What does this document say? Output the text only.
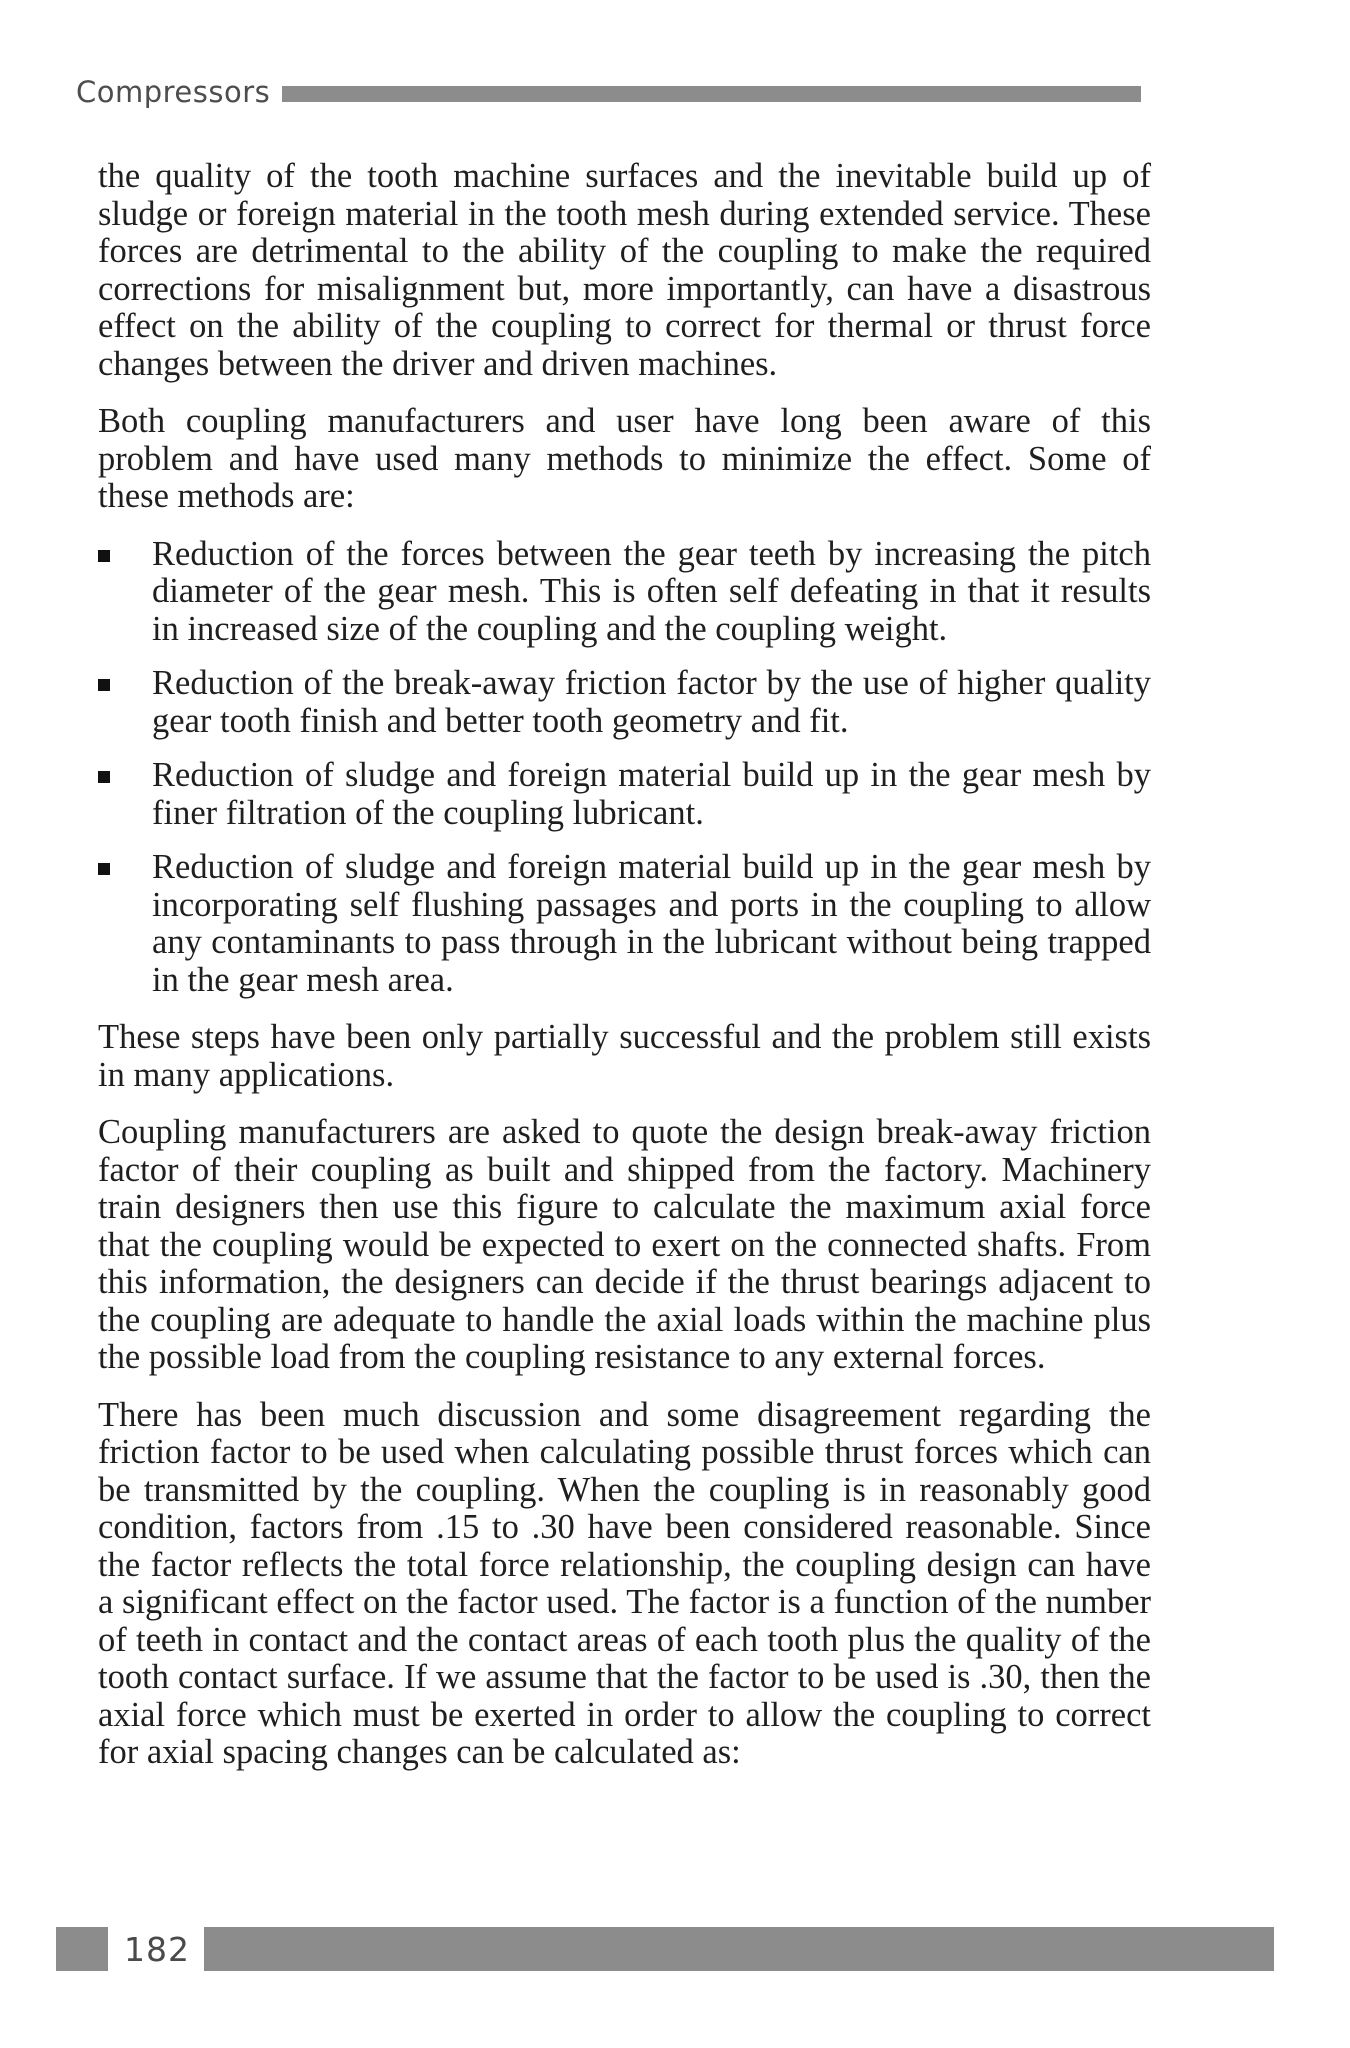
Compressors

the quality of the tooth machine surfaces and the inevitable build up of sludge or foreign material in the tooth mesh during extended service. These forces are detrimental to the ability of the coupling to make the required corrections for misalignment but, more importantly, can have a disastrous effect on the ability of the coupling to correct for thermal or thrust force changes between the driver and driven machines.

Both coupling manufacturers and user have long been aware of this problem and have used many methods to minimize the effect. Some of these methods are:

Reduction of the forces between the gear teeth by increasing the pitch diameter of the gear mesh. This is often self defeating in that it results in increased size of the coupling and the coupling weight.
Reduction of the break-away friction factor by the use of higher quality gear tooth finish and better tooth geometry and fit.
Reduction of sludge and foreign material build up in the gear mesh by finer filtration of the coupling lubricant.
Reduction of sludge and foreign material build up in the gear mesh by incorporating self flushing passages and ports in the coupling to allow any contaminants to pass through in the lubricant without being trapped in the gear mesh area.

These steps have been only partially successful and the problem still exists in many applications.

Coupling manufacturers are asked to quote the design break-away friction factor of their coupling as built and shipped from the factory. Machinery train designers then use this figure to calculate the maximum axial force that the coupling would be expected to exert on the connected shafts. From this information, the designers can decide if the thrust bearings adjacent to the coupling are adequate to handle the axial loads within the machine plus the possible load from the coupling resistance to any external forces.

There has been much discussion and some disagreement regarding the friction factor to be used when calculating possible thrust forces which can be transmitted by the coupling. When the coupling is in reasonably good condition, factors from .15 to .30 have been considered reasonable. Since the factor reflects the total force relationship, the coupling design can have a significant effect on the factor used. The factor is a function of the number of teeth in contact and the contact areas of each tooth plus the quality of the tooth contact surface. If we assume that the factor to be used is .30, then the axial force which must be exerted in order to allow the coupling to correct for axial spacing changes can be calculated as:

182
